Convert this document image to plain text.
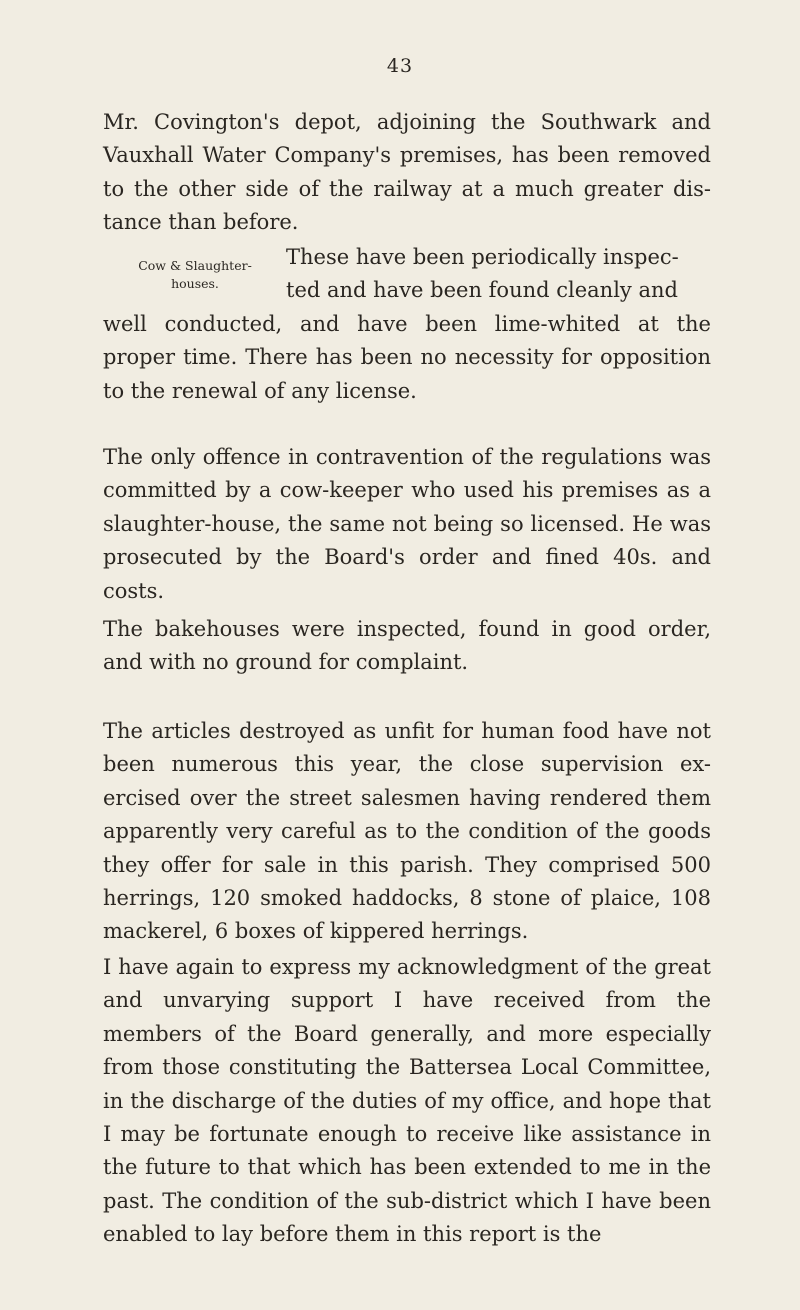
43

Mr. Covington's depot, adjoining the Southwark and Vauxhall Water Company's premises, has been removed to the other side of the railway at a much greater dis- tance than before.

Cow & Slaughter-
houses.
These have been periodically inspec-
ted and have been found cleanly and

well conducted, and have been lime-whited at the proper time. There has been no necessity for opposition to the renewal of any license.

The only offence in contravention of the regulations was committed by a cow-keeper who used his premises as a slaughter-house, the same not being so licensed. He was prosecuted by the Board's order and fined 40s. and costs.

The bakehouses were inspected, found in good order, and with no ground for complaint.

The articles destroyed as unfit for human food have not been numerous this year, the close supervision ex- ercised over the street salesmen having rendered them apparently very careful as to the condition of the goods they offer for sale in this parish. They comprised 500 herrings, 120 smoked haddocks, 8 stone of plaice, 108 mackerel, 6 boxes of kippered herrings.

I have again to express my acknowledgment of the great and unvarying support I have received from the members of the Board generally, and more especially from those constituting the Battersea Local Committee, in the discharge of the duties of my office, and hope that I may be fortunate enough to receive like assistance in the future to that which has been extended to me in the past. The condition of the sub-district which I have been enabled to lay before them in this report is the
